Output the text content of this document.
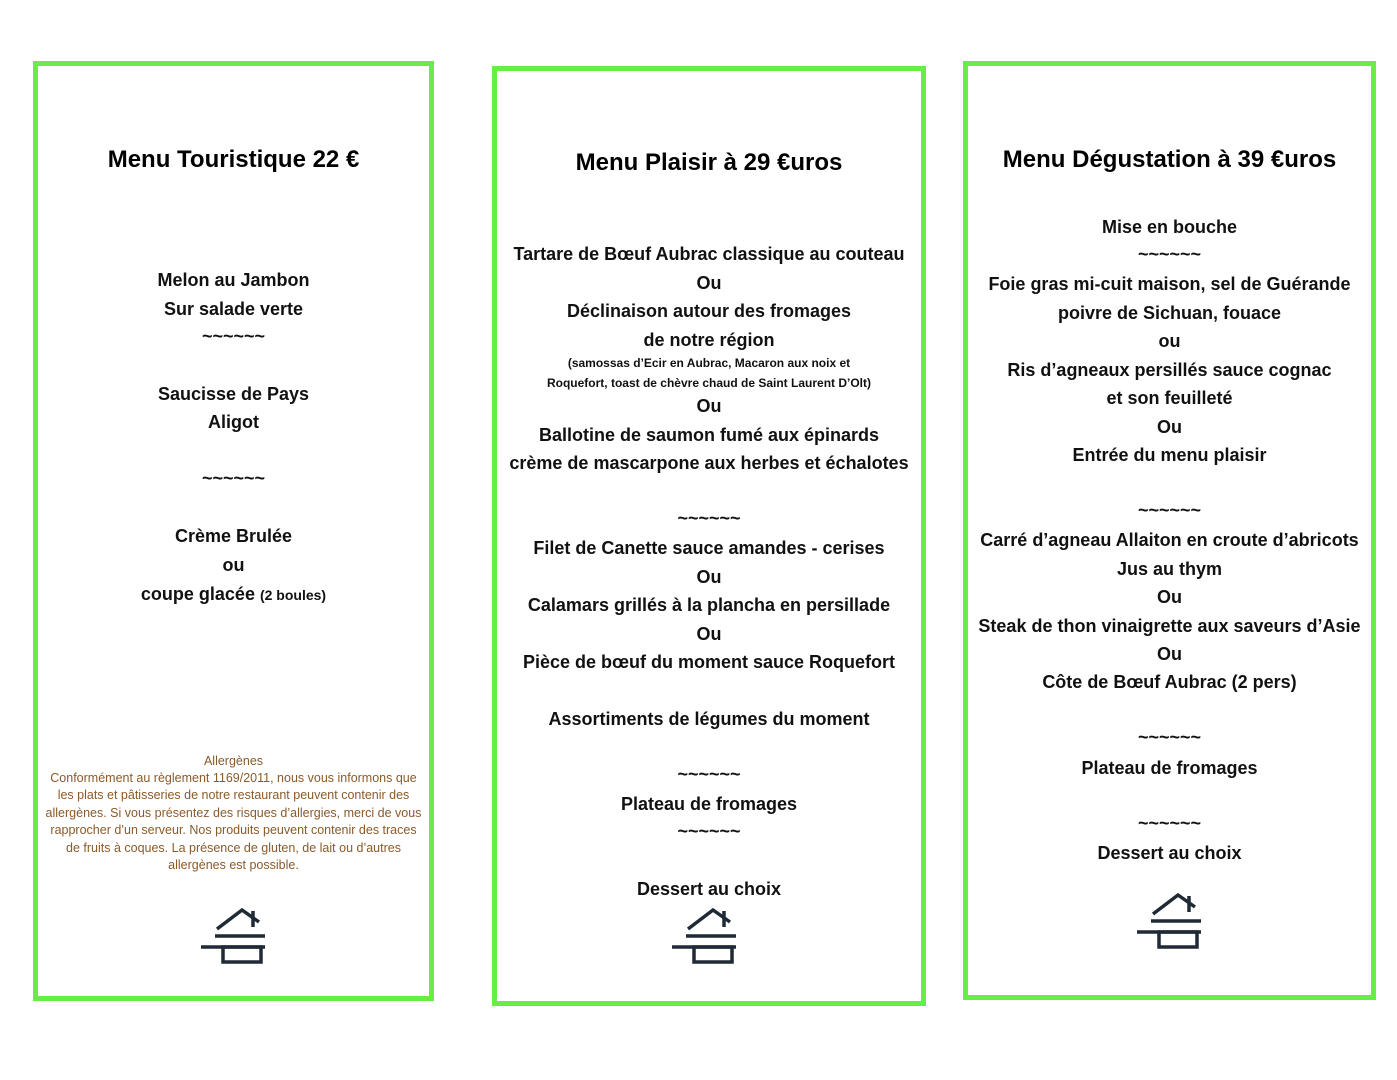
Menu Touristique 22 €
Melon au Jambon
Sur salade verte
~~~~~~
Saucisse de Pays
Aligot
~~~~~~
Crème Brulée
ou
coupe glacée (2 boules)
Allergènes
Conformément au règlement 1169/2011, nous vous informons que les plats et pâtisseries de notre restaurant peuvent contenir des allergènes. Si vous présentez des risques d’allergies, merci de vous rapprocher d’un serveur. Nos produits peuvent contenir des traces de fruits à coques. La présence de gluten, de lait ou d’autres allergènes est possible.
Menu Plaisir à 29 €uros
Tartare de Bœuf Aubrac classique au couteau
Ou
Déclinaison autour des fromages
de notre région
(samossas d’Ecir en Aubrac, Macaron aux noix et
Roquefort, toast de chèvre chaud de Saint Laurent D’Olt)
Ou
Ballotine de saumon fumé aux épinards
crème de mascarpone aux herbes et échalotes
~~~~~~
Filet de Canette sauce amandes - cerises
Ou
Calamars grillés à la plancha en persillade
Ou
Pièce de bœuf du moment sauce Roquefort
Assortiments de légumes du moment
~~~~~~
Plateau de fromages
~~~~~~
Dessert au choix
Menu Dégustation à 39 €uros
Mise en bouche
~~~~~~
Foie gras mi-cuit maison, sel de Guérande
poivre de Sichuan, fouace
ou
Ris d’agneaux persillés sauce cognac
et son feuilleté
Ou
Entrée du menu plaisir
~~~~~~
Carré d’agneau Allaiton en croute d’abricots
Jus au thym
Ou
Steak de thon vinaigrette aux saveurs d’Asie
Ou
Côte de Bœuf Aubrac (2 pers)
~~~~~~
Plateau de fromages
~~~~~~
Dessert au choix
